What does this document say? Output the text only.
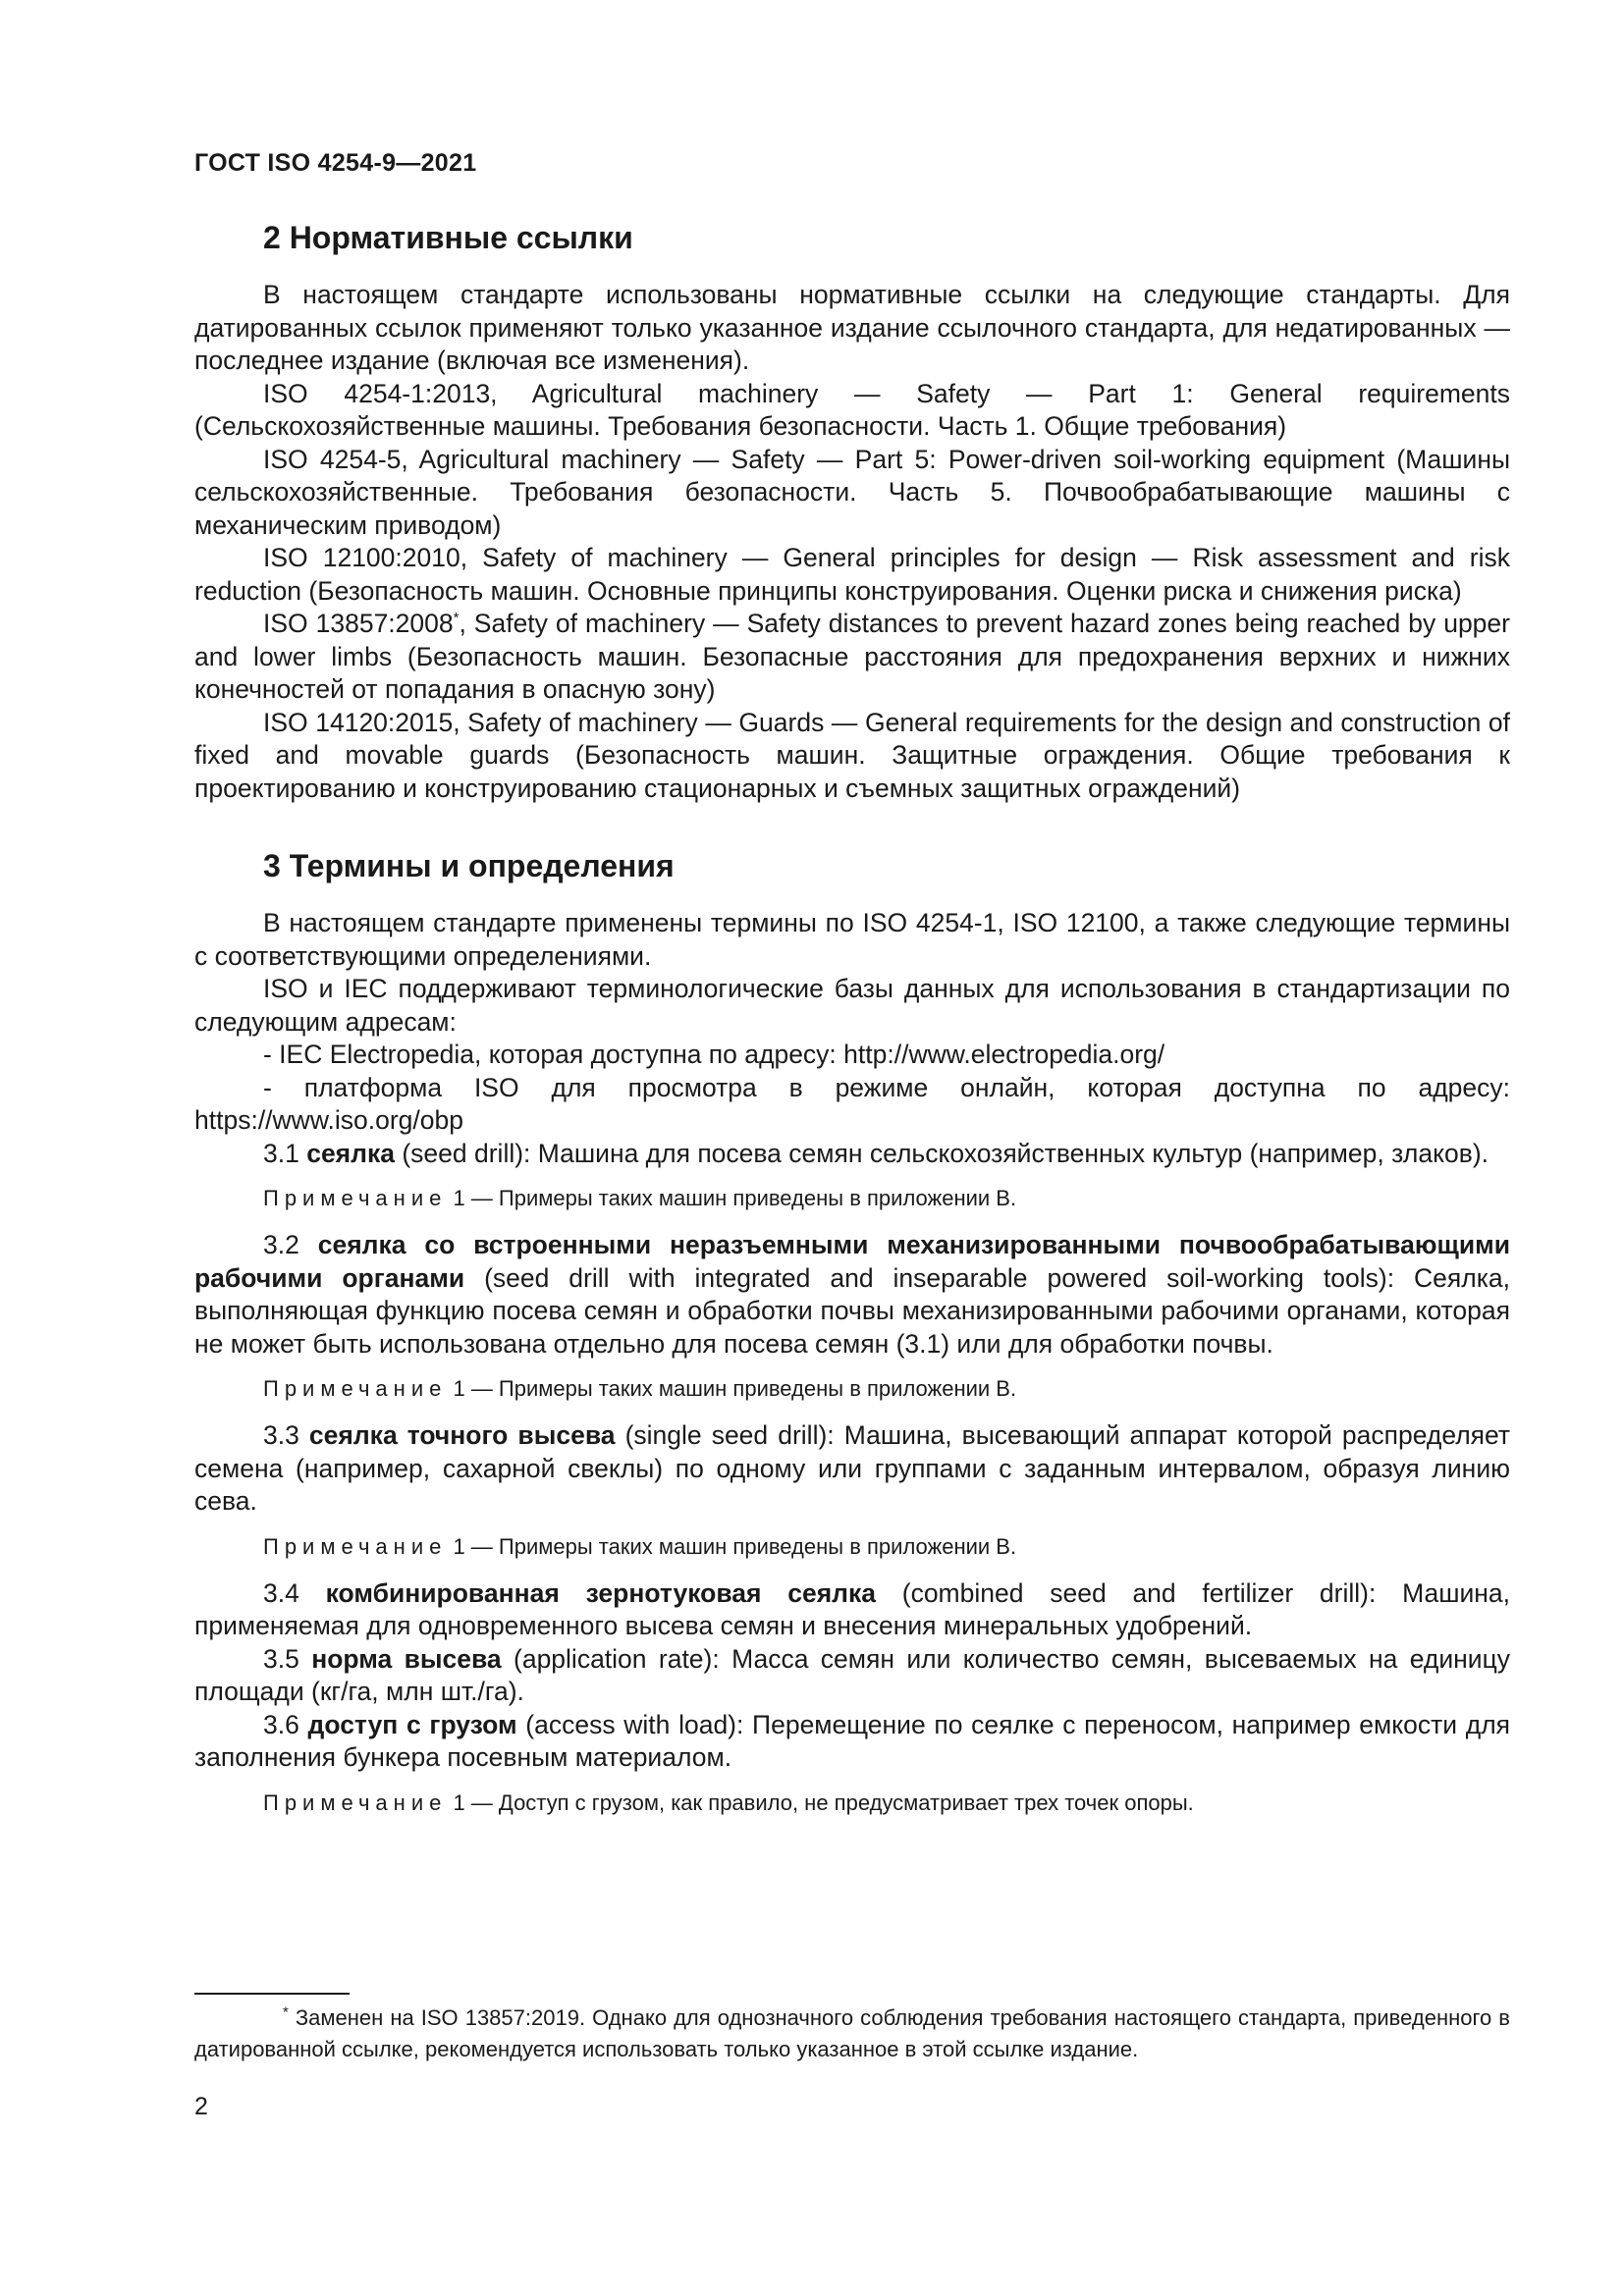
ГОСТ ISO 4254-9—2021
2 Нормативные ссылки

В настоящем стандарте использованы нормативные ссылки на следующие стандарты. Для датированных ссылок применяют только указанное издание ссылочного стандарта, для недатированных — последнее издание (включая все изменения).

ISO 4254-1:2013, Agricultural machinery — Safety — Part 1: General requirements (Сельскохозяйственные машины. Требования безопасности. Часть 1. Общие требования)

ISO 4254-5, Agricultural machinery — Safety — Part 5: Power-driven soil-working equipment (Машины сельскохозяйственные. Требования безопасности. Часть 5. Почвообрабатывающие машины с механическим приводом)

ISO 12100:2010, Safety of machinery — General principles for design — Risk assessment and risk reduction (Безопасность машин. Основные принципы конструирования. Оценки риска и снижения риска)

ISO 13857:2008*, Safety of machinery — Safety distances to prevent hazard zones being reached by upper and lower limbs (Безопасность машин. Безопасные расстояния для предохранения верхних и нижних конечностей от попадания в опасную зону)

ISO 14120:2015, Safety of machinery — Guards — General requirements for the design and construction of fixed and movable guards (Безопасность машин. Защитные ограждения. Общие требования к проектированию и конструированию стационарных и съемных защитных ограждений)

3 Термины и определения

В настоящем стандарте применены термины по ISO 4254-1, ISO 12100, а также следующие термины с соответствующими определениями.

ISO и IEC поддерживают терминологические базы данных для использования в стандартизации по следующим адресам:

- IEC Electropedia, которая доступна по адресу: http://www.electropedia.org/

- платформа ISO для просмотра в режиме онлайн, которая доступна по адресу: https://www.iso.org/obp

3.1 сеялка (seed drill): Машина для посева семян сельскохозяйственных культур (например, злаков).

Примечание 1 — Примеры таких машин приведены в приложении В.

3.2 сеялка со встроенными неразъемными механизированными почвообрабатывающими рабочими органами (seed drill with integrated and inseparable powered soil-working tools): Сеялка, выполняющая функцию посева семян и обработки почвы механизированными рабочими органами, которая не может быть использована отдельно для посева семян (3.1) или для обработки почвы.

Примечание 1 — Примеры таких машин приведены в приложении В.

3.3 сеялка точного высева (single seed drill): Машина, высевающий аппарат которой распределяет семена (например, сахарной свеклы) по одному или группами с заданным интервалом, образуя линию сева.

Примечание 1 — Примеры таких машин приведены в приложении В.

3.4 комбинированная зернотуковая сеялка (combined seed and fertilizer drill): Машина, применяемая для одновременного высева семян и внесения минеральных удобрений.

3.5 норма высева (application rate): Масса семян или количество семян, высеваемых на единицу площади (кг/га, млн шт./га).

3.6 доступ с грузом (access with load): Перемещение по сеялке с переносом, например емкости для заполнения бункера посевным материалом.

Примечание 1 — Доступ с грузом, как правило, не предусматривает трех точек опоры.
* Заменен на ISO 13857:2019. Однако для однозначного соблюдения требования настоящего стандарта, приведенного в датированной ссылке, рекомендуется использовать только указанное в этой ссылке издание.
2
